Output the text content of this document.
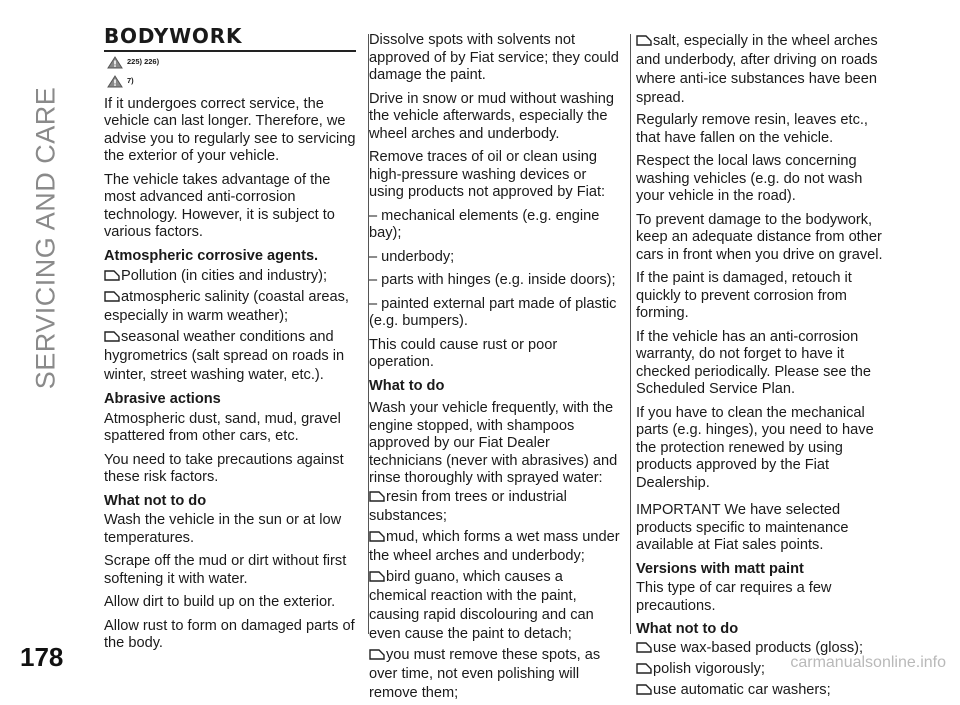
SERVICING AND CARE
178	carmanualsonline.info
BODYWORK
225) 226)
7)

If it undergoes correct service, the vehicle can last longer. Therefore, we advise you to regularly see to servicing the exterior of your vehicle.

The vehicle takes advantage of the most advanced anti-corrosion technology. However, it is subject to various factors.

Atmospheric corrosive agents.
Pollution (in cities and industry);
atmospheric salinity (coastal areas, especially in warm weather);
seasonal weather conditions and hygrometrics (salt spread on roads in winter, street washing water, etc.).
Abrasive actions

Atmospheric dust, sand, mud, gravel spattered from other cars, etc.

You need to take precautions against these risk factors.

What not to do

Wash the vehicle in the sun or at low temperatures.

Scrape off the mud or dirt without first softening it with water.

Allow dirt to build up on the exterior.

Allow rust to form on damaged parts of the body.

Dissolve spots with solvents not approved of by Fiat service; they could damage the paint.

Drive in snow or mud without washing the vehicle afterwards, especially the wheel arches and underbody.

Remove traces of oil or clean using high-pressure washing devices or using products not approved by Fiat:

– mechanical elements (e.g. engine bay);

– underbody;

– parts with hinges (e.g. inside doors);

– painted external part made of plastic (e.g. bumpers).

This could cause rust or poor operation.

What to do

Wash your vehicle frequently, with the engine stopped, with shampoos approved by our Fiat Dealer technicians (never with abrasives) and rinse thoroughly with sprayed water:

resin from trees or industrial substances;
mud, which forms a wet mass under the wheel arches and underbody;
bird guano, which causes a chemical reaction with the paint, causing rapid discolouring and can even cause the paint to detach;
you must remove these spots, as over time, not even polishing will remove them;
salt, especially in the wheel arches and underbody, after driving on roads where anti-ice substances have been spread.

Regularly remove resin, leaves etc., that have fallen on the vehicle.

Respect the local laws concerning washing vehicles (e.g. do not wash your vehicle in the road).

To prevent damage to the bodywork, keep an adequate distance from other cars in front when you drive on gravel.

If the paint is damaged, retouch it quickly to prevent corrosion from forming.

If the vehicle has an anti-corrosion warranty, do not forget to have it checked periodically. Please see the Scheduled Service Plan.

If you have to clean the mechanical parts (e.g. hinges), you need to have the protection renewed by using products approved by the Fiat Dealership.

IMPORTANT We have selected products specific to maintenance available at Fiat sales points.

Versions with matt paint

This type of car requires a few precautions.

What not to do
use wax-based products (gloss);
polish vigorously;
use automatic car washers;
